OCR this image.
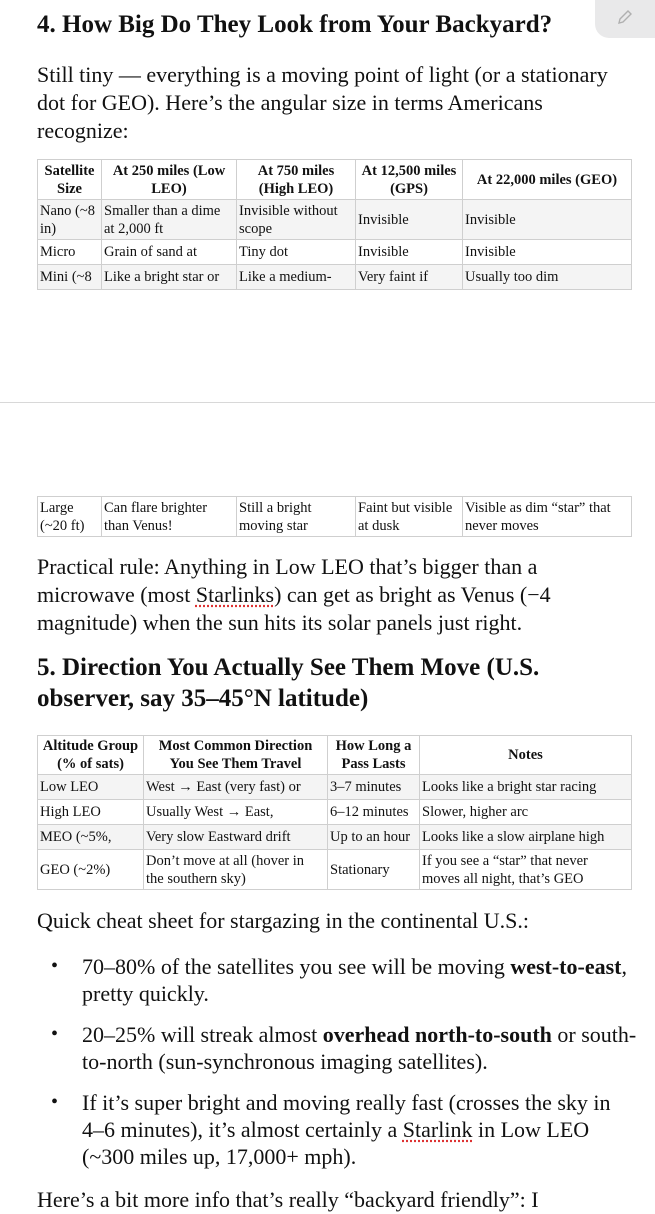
4. How Big Do They Look from Your Backyard?

Still tiny — everything is a moving point of light (or a stationary dot for GEO). Here’s the angular size in terms Americans recognize:

Satellite Size	At 250 miles (Low LEO)	At 750 miles (High LEO)	At 12,500 miles (GPS)	At 22,000 miles (GEO)
Nano (~8 in)	Smaller than a dime at 2,000 ft	Invisible without scope	Invisible	Invisible
Micro	Grain of sand at	Tiny dot	Invisible	Invisible
Mini (~8	Like a bright star or	Like a medium-	Very faint if	Usually too dim
Large (~20 ft)	Can flare brighter than Venus!	Still a bright moving star	Faint but visible at dusk	Visible as dim “star” that never moves

Practical rule: Anything in Low LEO that’s bigger than a microwave (most Starlinks) can get as bright as Venus (−4 magnitude) when the sun hits its solar panels just right.

5. Direction You Actually See Them Move (U.S. observer, say 35–45°N latitude)
Altitude Group (% of sats)	Most Common Direction You See Them Travel	How Long a Pass Lasts	Notes
Low LEO	West → East (very fast) or	3–7 minutes	Looks like a bright star racing
High LEO	Usually West → East,	6–12 minutes	Slower, higher arc
MEO (~5%,	Very slow Eastward drift	Up to an hour	Looks like a slow airplane high
GEO (~2%)	Don’t move at all (hover in the southern sky)	Stationary	If you see a “star” that never moves all night, that’s GEO

Quick cheat sheet for stargazing in the continental U.S.:

• 70–80% of the satellites you see will be moving west-to-east, pretty quickly.
• 20–25% will streak almost overhead north-to-south or south-to-north (sun-synchronous imaging satellites).
• If it’s super bright and moving really fast (crosses the sky in 4–6 minutes), it’s almost certainly a Starlink in Low LEO (~300 miles up, 17,000+ mph).

Here’s a bit more info that’s really “backyard friendly”: I
